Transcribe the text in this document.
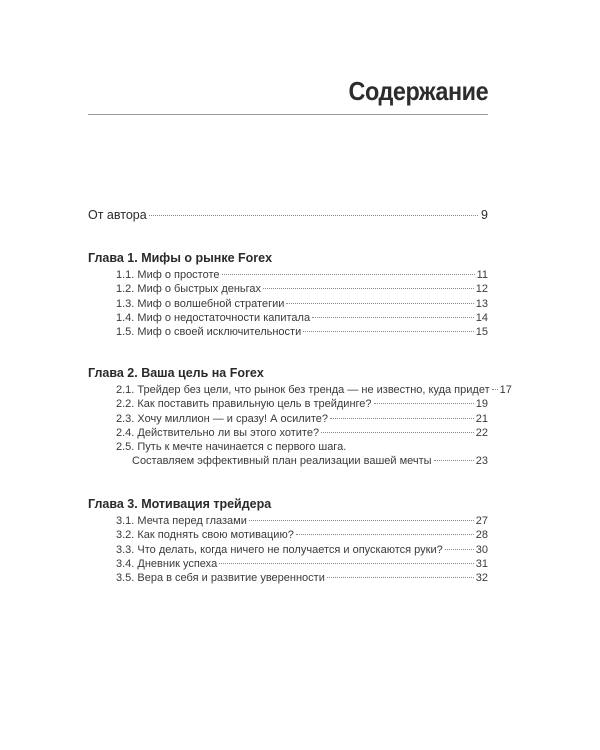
Содержание
От автора	9
Глава 1. Мифы о рынке Forex
1.1. Миф о простоте	11
1.2. Миф о быстрых деньгах	12
1.3. Миф о волшебной стратегии	13
1.4. Миф о недостаточности капитала	14
1.5. Миф о своей исключительности	15
Глава 2. Ваша цель на Forex
2.1. Трейдер без цели, что рынок без тренда — не известно, куда придет 17
2.2. Как поставить правильную цель в трейдинге?	19
2.3. Хочу миллион — и сразу! А осилите?	21
2.4. Действительно ли вы этого хотите?	22
2.5. Путь к мечте начинается с первого шага.
Составляем эффективный план реализации вашей мечты	23
Глава 3. Мотивация трейдера
3.1. Мечта перед глазами	27
3.2. Как поднять свою мотивацию?	28
3.3. Что делать, когда ничего не получается и опускаются руки?	30
3.4. Дневник успеха	31
3.5. Вера в себя и развитие уверенности	32
